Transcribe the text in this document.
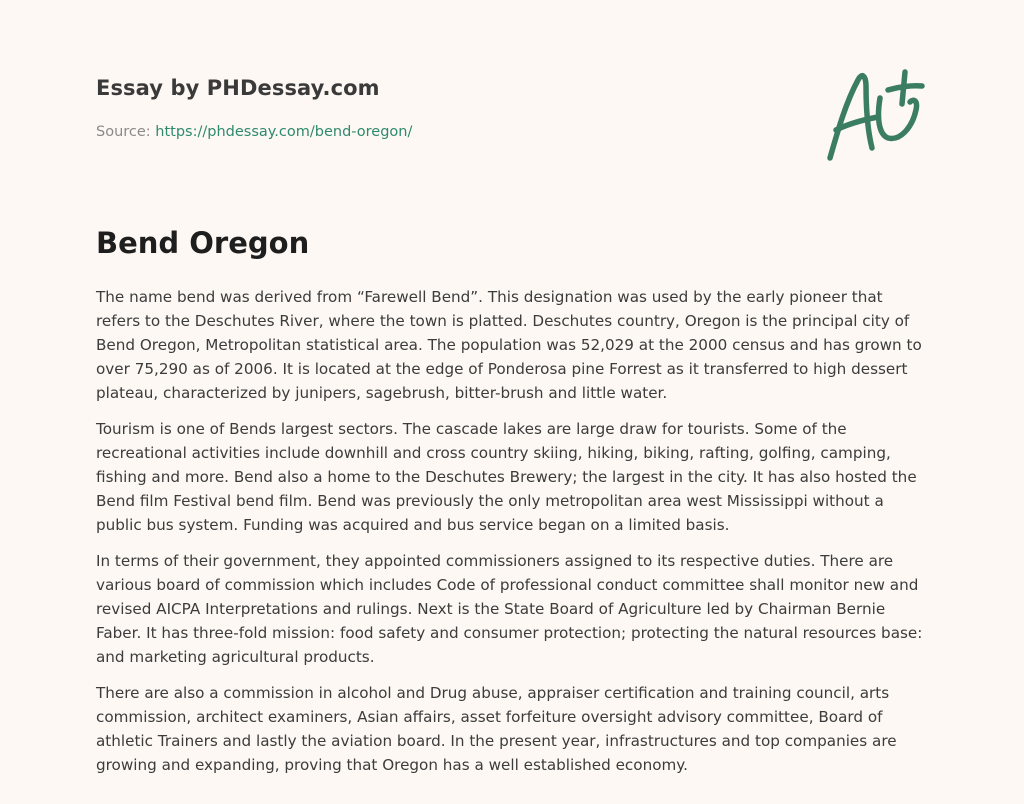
Essay by PHDessay.com

Source: https://phdessay.com/bend-oregon/

Bend Oregon

The name bend was derived from “Farewell Bend”. This designation was used by the early pioneer that refers to the Deschutes River, where the town is platted. Deschutes country, Oregon is the principal city of Bend Oregon, Metropolitan statistical area. The population was 52,029 at the 2000 census and has grown to over 75,290 as of 2006. It is located at the edge of Ponderosa pine Forrest as it transferred to high dessert plateau, characterized by junipers, sagebrush, bitter-brush and little water.

Tourism is one of Bends largest sectors. The cascade lakes are large draw for tourists. Some of the recreational activities include downhill and cross country skiing, hiking, biking, rafting, golfing, camping, fishing and more. Bend also a home to the Deschutes Brewery; the largest in the city. It has also hosted the Bend film Festival bend film. Bend was previously the only metropolitan area west Mississippi without a public bus system. Funding was acquired and bus service began on a limited basis.

In terms of their government, they appointed commissioners assigned to its respective duties. There are various board of commission which includes Code of professional conduct committee shall monitor new and revised AICPA Interpretations and rulings. Next is the State Board of Agriculture led by Chairman Bernie Faber. It has three-fold mission: food safety and consumer protection; protecting the natural resources base: and marketing agricultural products.

There are also a commission in alcohol and Drug abuse, appraiser certification and training council, arts commission, architect examiners, Asian affairs, asset forfeiture oversight advisory committee, Board of athletic Trainers and lastly the aviation board. In the present year, infrastructures and top companies are growing and expanding, proving that Oregon has a well established economy.
